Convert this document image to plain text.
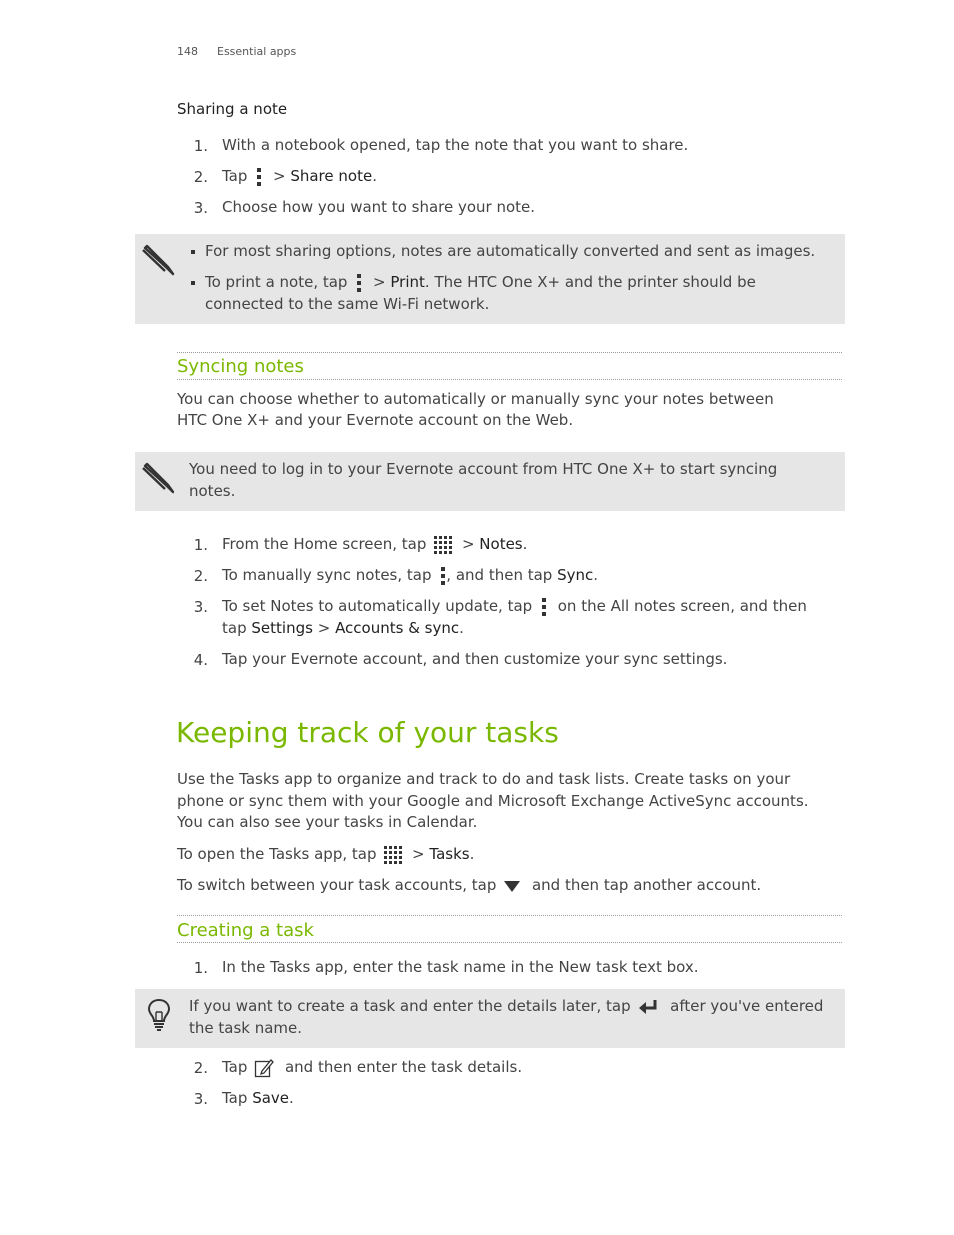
148 Essential apps
Sharing a note
1. With a notebook opened, tap the note that you want to share.
2. Tap > Share note.
3. Choose how you want to share your note.
For most sharing options, notes are automatically converted and sent as images.
To print a note, tap > Print. The HTC One X+ and the printer should be
connected to the same Wi-Fi network.
Syncing notes
You can choose whether to automatically or manually sync your notes between
HTC One X+ and your Evernote account on the Web.
You need to log in to your Evernote account from HTC One X+ to start syncing
notes.
1. From the Home screen, tap > Notes.
2. To manually sync notes, tap , and then tap Sync.
3. To set Notes to automatically update, tap on the All notes screen, and then
tap Settings > Accounts & sync.
4. Tap your Evernote account, and then customize your sync settings.
Keeping track of your tasks
Use the Tasks app to organize and track to do and task lists. Create tasks on your
phone or sync them with your Google and Microsoft Exchange ActiveSync accounts.
You can also see your tasks in Calendar.
To open the Tasks app, tap > Tasks.
To switch between your task accounts, tap and then tap another account.
Creating a task
1. In the Tasks app, enter the task name in the New task text box.
If you want to create a task and enter the details later, tap	after you've entered
the task name.
2. Tap	and then enter the task details.
3. Tap Save.
